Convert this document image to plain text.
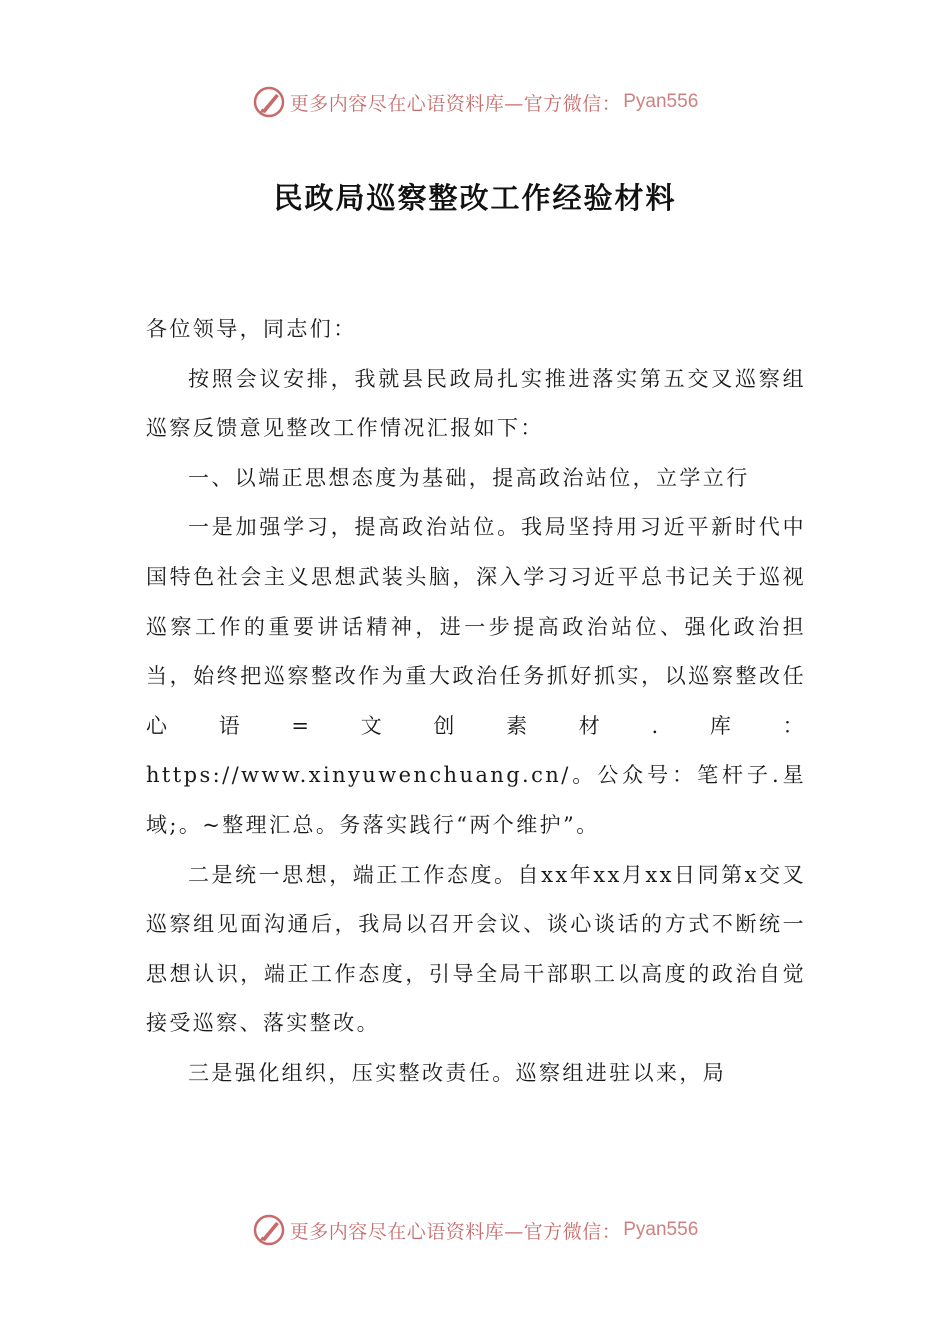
更多内容尽在心语资料库—官方微信： Pyan556
民政局巡察整改工作经验材料

各位领导，同志们：

按照会议安排，我就县民政局扎实推进落实第五交叉巡察组巡察反馈意见整改工作情况汇报如下：

一、以端正思想态度为基础，提高政治站位，立学立行

一是加强学习，提高政治站位。我局坚持用习近平新时代中国特色社会主义思想武装头脑，深入学习习近平总书记关于巡视巡察工作的重要讲话精神，进一步提高政治站位、强化政治担当，始终把巡察整改作为重大政治任务抓好抓实，以巡察整改任心语=文创素材.库：https://www.xinyuwenchuang.cn/。公众号：笔杆子.星域;。~整理汇总。务落实践行“两个维护”。

二是统一思想，端正工作态度。自xx年xx月xx日同第x交叉巡察组见面沟通后，我局以召开会议、谈心谈话的方式不断统一思想认识，端正工作态度，引导全局干部职工以高度的政治自觉接受巡察、落实整改。

三是强化组织，压实整改责任。巡察组进驻以来，局

更多内容尽在心语资料库—官方微信： Pyan556
